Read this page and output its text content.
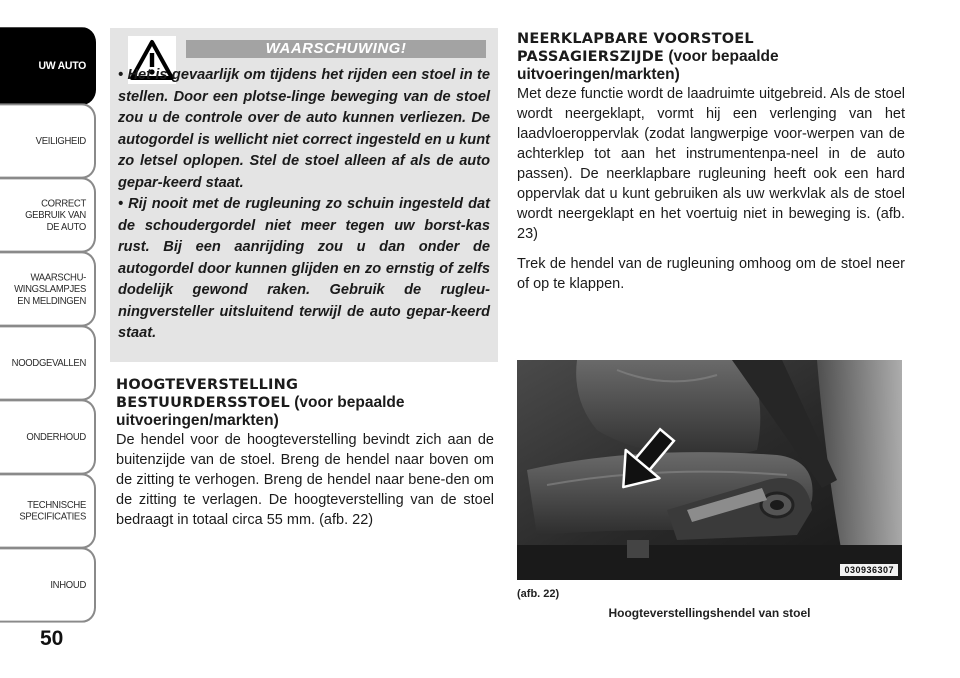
UW AUTO
VEILIGHEID
CORRECT
GEBRUIK VAN
DE AUTO
WAARSCHU-
WINGSLAMPJES
EN MELDINGEN
NOODGEVALLEN
ONDERHOUD
TECHNISCHE
SPECIFICATIES
INHOUD
50
WAARSCHUWING!

• Het is gevaarlijk om tijdens het rijden een stoel in te stellen. Door een plotse-linge beweging van de stoel zou u de controle over de auto kunnen verliezen. De autogordel is wellicht niet correct ingesteld en u kunt zo letsel oplopen. Stel de stoel alleen af als de auto gepar-keerd staat.

• Rij nooit met de rugleuning zo schuin ingesteld dat de schoudergordel niet meer tegen uw borst-kas rust. Bij een aanrijding zou u dan onder de autogordel door kunnen glijden en zo ernstig of zelfs dodelijk gewond raken. Gebruik de rugleu-ningversteller uitsluitend terwijl de auto gepar-keerd staat.

HOOGTEVERSTELLING
BESTUURDERSSTOEL (voor bepaalde uitvoeringen/markten)

De hendel voor de hoogteverstelling bevindt zich aan de buitenzijde van de stoel. Breng de hendel naar boven om de zitting te verhogen. Breng de hendel naar bene-den om de zitting te verlagen. De hoogteverstelling van de stoel bedraagt in totaal circa 55 mm. (afb. 22)

NEERKLAPBARE VOORSTOEL
PASSAGIERSZIJDE (voor bepaalde uitvoeringen/markten)

Met deze functie wordt de laadruimte uitgebreid. Als de stoel wordt neergeklapt, vormt hij een verlenging van het laadvloeroppervlak (zodat langwerpige voor-werpen van de achterklep tot aan het instrumentenpa-neel in de auto passen). De neerklapbare rugleuning heeft ook een hard oppervlak dat u kunt gebruiken als uw werkvlak als de stoel wordt neergeklapt en het voertuig niet in beweging is. (afb. 23)

Trek de hendel van de rugleuning omhoog om de stoel neer of op te klappen.

030936307
(afb. 22)
Hoogteverstellingshendel van stoel
